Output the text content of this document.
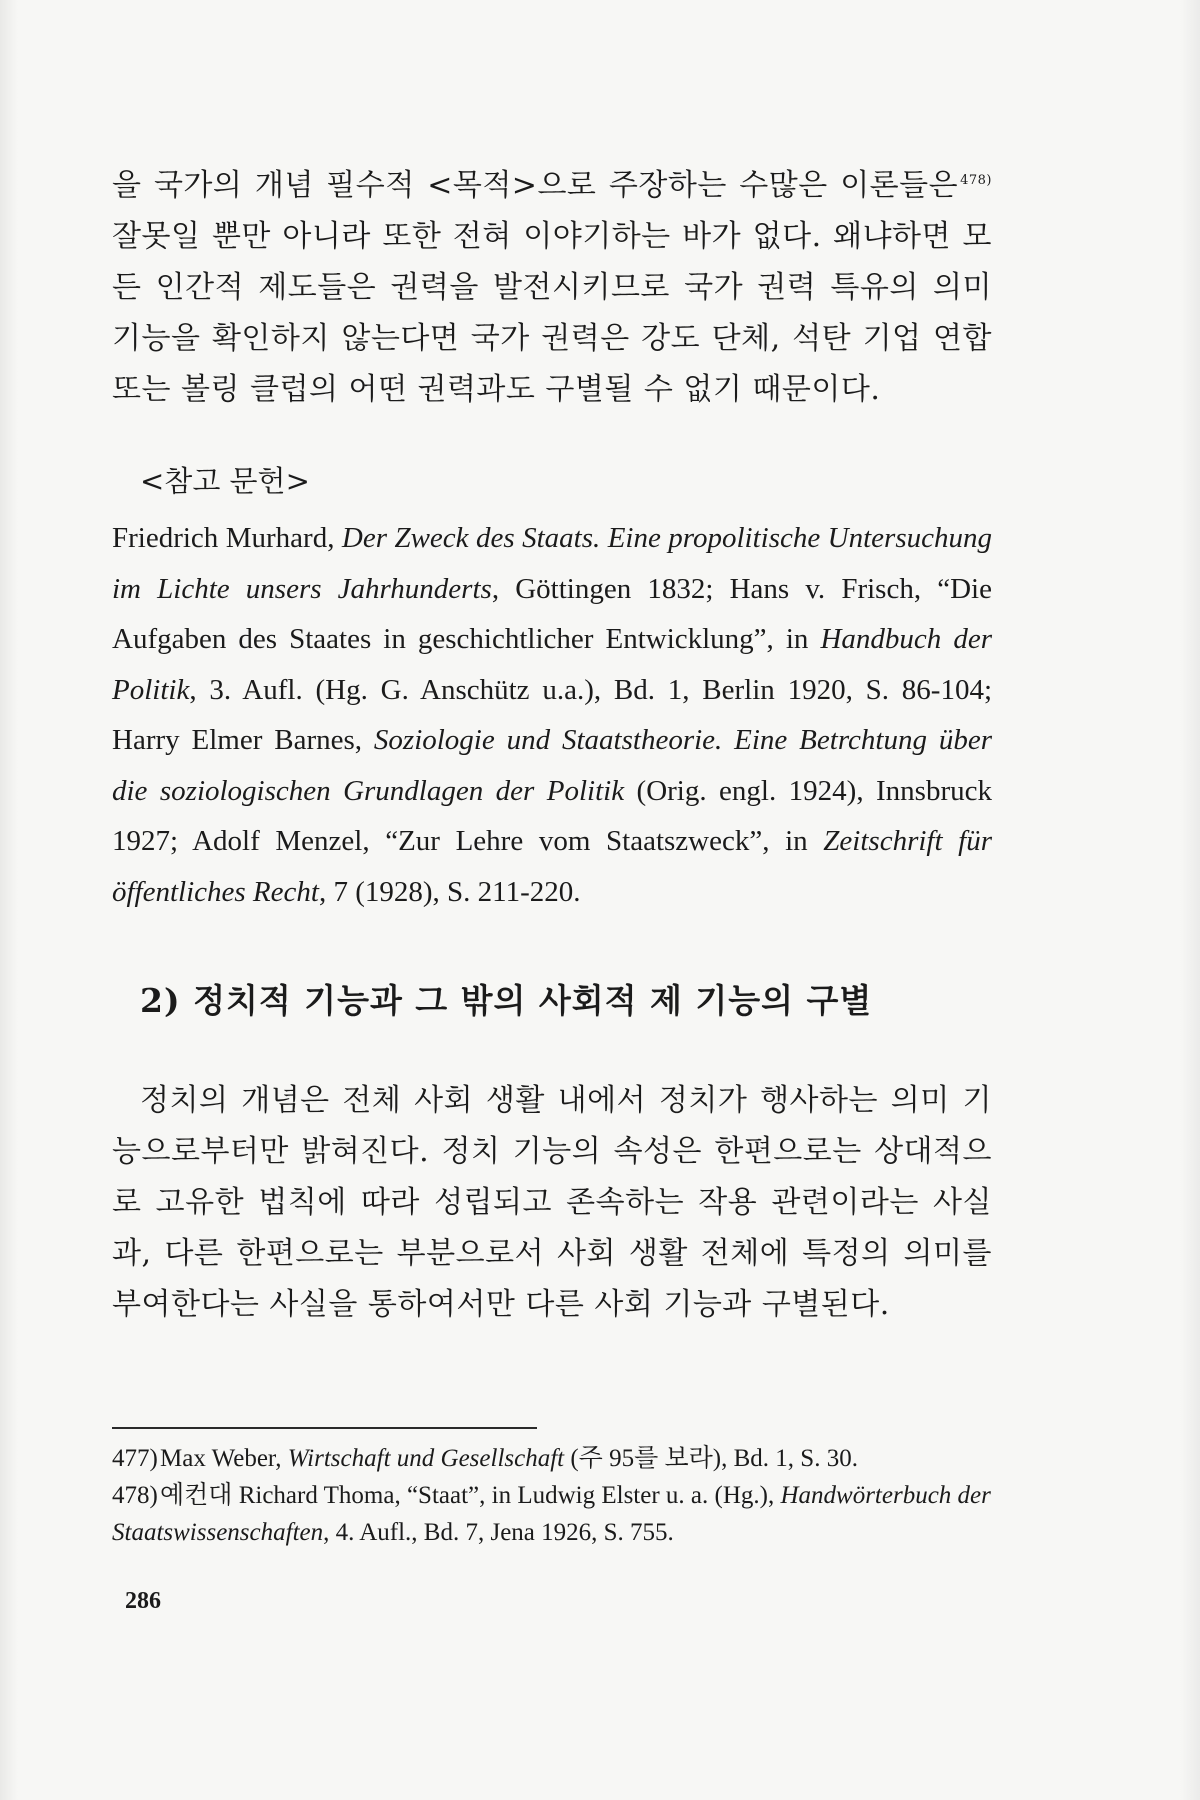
을 국가의 개념 필수적 <목적>으로 주장하는 수많은 이론들은 $^{478)}$ 잘못일 뿐만 아니라 또한 전혀 이야기하는 바가 없다. 왜냐하면 모든 인간적 제도들은 권력을 발전시키므로 국가 권력 특유의 의미 기능을 확인하지 않는다면 국가 권력은 강도 단체, 석탄 기업 연합 또는 볼링 클럽의 어떤 권력과도 구별될 수 없기 때문이다.

<참고 문헌>

Friedrich Murhard, Der Zweck des Staats. Eine propolitische Untersuchung im Lichte unsers Jahrhunderts, Göttingen 1832; Hans v. Frisch, “Die Aufgaben des Staates in geschichtlicher Entwicklung”, in Handbuch der Politik, 3. Aufl. (Hg. G. Anschütz u.a.), Bd. 1, Berlin 1920, S. 86-104; Harry Elmer Barnes, Soziologie und Staatstheorie. Eine Betrchtung über die soziologischen Grundlagen der Politik (Orig. engl. 1924), Innsbruck 1927; Adolf Menzel, “Zur Lehre vom Staatszweck”, in Zeitschrift für öffentliches Recht, 7 (1928), S. 211-220.

2) 정치적 기능과 그 밖의 사회적 제 기능의 구별

정치의 개념은 전체 사회 생활 내에서 정치가 행사하는 의미 기능으로부터만 밝혀진다. 정치 기능의 속성은 한편으로는 상대적으로 고유한 법칙에 따라 성립되고 존속하는 작용 관련이라는 사실과, 다른 한편으로는 부분으로서 사회 생활 전체에 특정의 의미를 부여한다는 사실을 통하여서만 다른 사회 기능과 구별된다.

477)Max Weber, Wirtschaft und Gesellschaft (주 95를 보라), Bd. 1, S. 30.

478)예컨대 Richard Thoma, “Staat”, in Ludwig Elster u. a. (Hg.), Handwörterbuch der Staatswissenschaften, 4. Aufl., Bd. 7, Jena 1926, S. 755.

286
